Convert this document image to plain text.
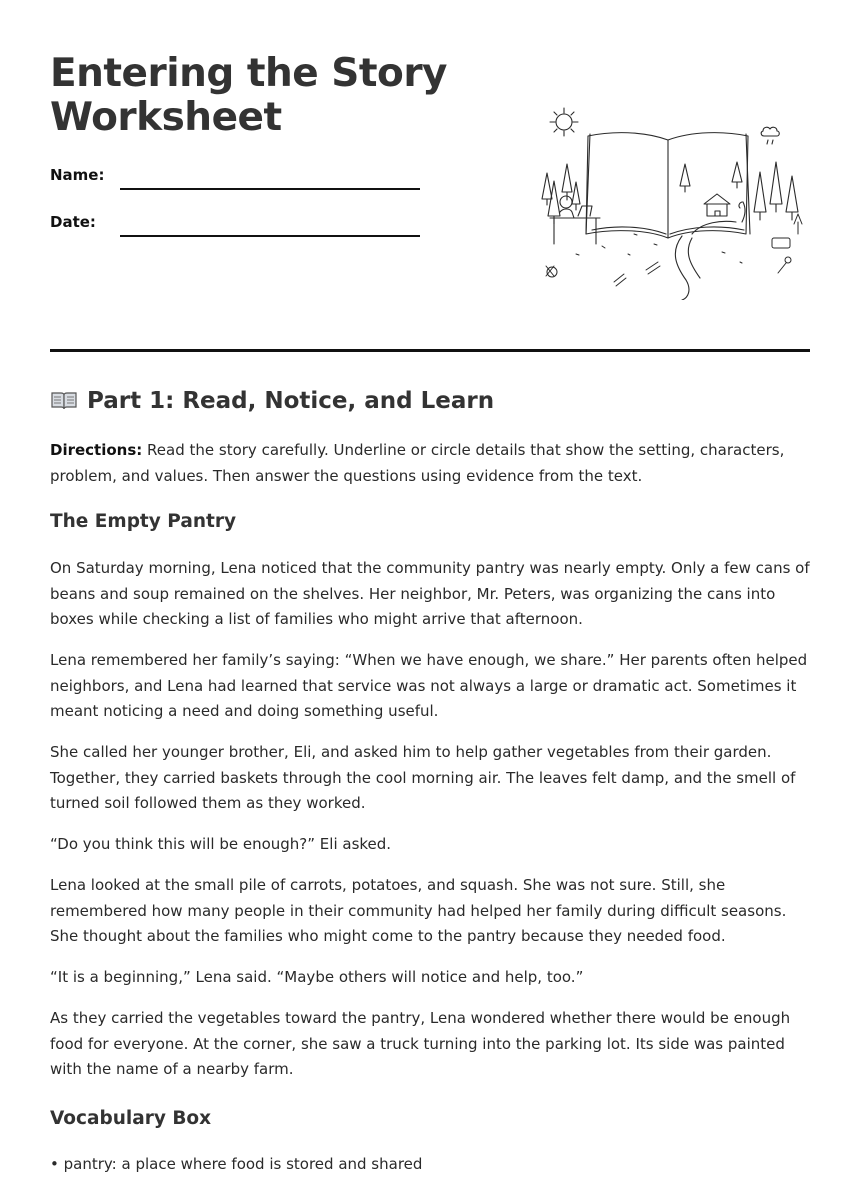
Entering the Story Worksheet
Name:
Date:
Part 1: Read, Notice, and Learn

Directions: Read the story carefully. Underline or circle details that show the setting, characters, problem, and values. Then answer the questions using evidence from the text.

The Empty Pantry

On Saturday morning, Lena noticed that the community pantry was nearly empty. Only a few cans of beans and soup remained on the shelves. Her neighbor, Mr. Peters, was organizing the cans into boxes while checking a list of families who might arrive that afternoon.

Lena remembered her family’s saying: “When we have enough, we share.” Her parents often helped neighbors, and Lena had learned that service was not always a large or dramatic act. Sometimes it meant noticing a need and doing something useful.

She called her younger brother, Eli, and asked him to help gather vegetables from their garden. Together, they carried baskets through the cool morning air. The leaves felt damp, and the smell of turned soil followed them as they worked.

“Do you think this will be enough?” Eli asked.

Lena looked at the small pile of carrots, potatoes, and squash. She was not sure. Still, she remembered how many people in their community had helped her family during difficult seasons. She thought about the families who might come to the pantry because they needed food.

“It is a beginning,” Lena said. “Maybe others will notice and help, too.”

As they carried the vegetables toward the pantry, Lena wondered whether there would be enough food for everyone. At the corner, she saw a truck turning into the parking lot. Its side was painted with the name of a nearby farm.

Vocabulary Box

• pantry: a place where food is stored and shared
